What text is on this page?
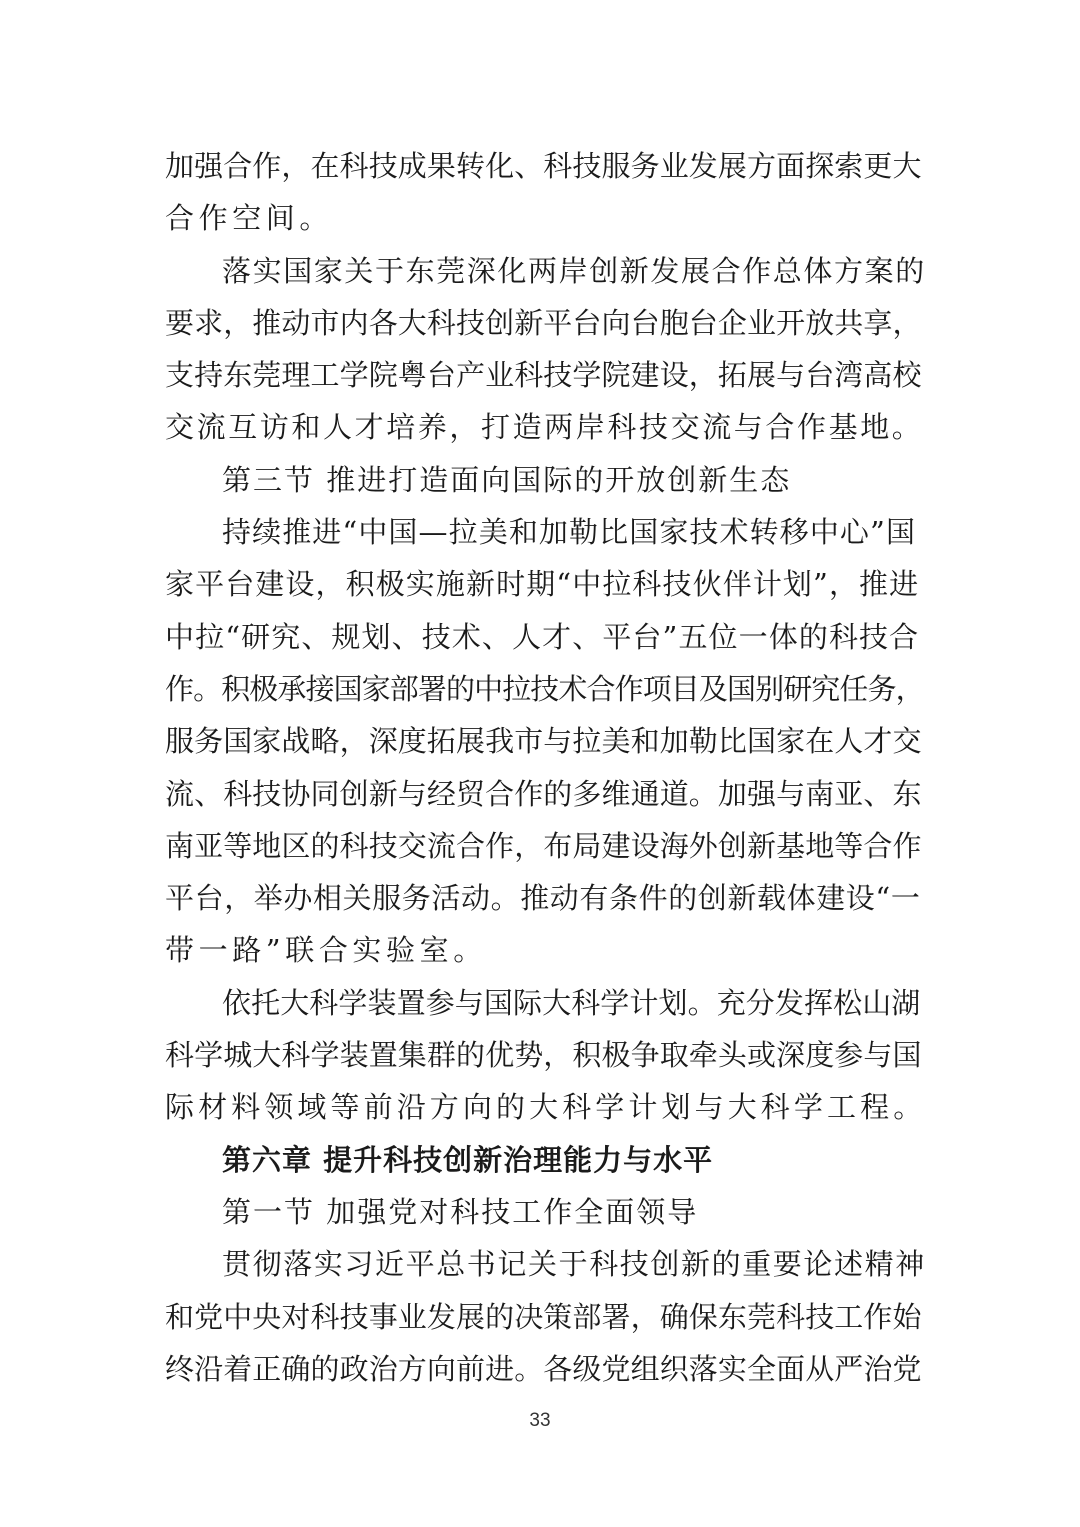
加强合作，在科技成果转化、科技服务业发展方面探索更大
合作空间。
落实国家关于东莞深化两岸创新发展合作总体方案的
要求，推动市内各大科技创新平台向台胞台企业开放共享，
支持东莞理工学院粤台产业科技学院建设，拓展与台湾高校
交流互访和人才培养，打造两岸科技交流与合作基地。
第三节 推进打造面向国际的开放创新生态
持续推进“中国—拉美和加勒比国家技术转移中心”国
家平台建设，积极实施新时期“中拉科技伙伴计划”，推进
中拉“研究、规划、技术、人才、平台”五位一体的科技合
作。积极承接国家部署的中拉技术合作项目及国别研究任务，
服务国家战略，深度拓展我市与拉美和加勒比国家在人才交
流、科技协同创新与经贸合作的多维通道。加强与南亚、东
南亚等地区的科技交流合作，布局建设海外创新基地等合作
平台，举办相关服务活动。推动有条件的创新载体建设“一
带一路”联合实验室。
依托大科学装置参与国际大科学计划。充分发挥松山湖
科学城大科学装置集群的优势，积极争取牵头或深度参与国
际材料领域等前沿方向的大科学计划与大科学工程。
第六章 提升科技创新治理能力与水平
第一节 加强党对科技工作全面领导
贯彻落实习近平总书记关于科技创新的重要论述精神
和党中央对科技事业发展的决策部署，确保东莞科技工作始
终沿着正确的政治方向前进。各级党组织落实全面从严治党
33
